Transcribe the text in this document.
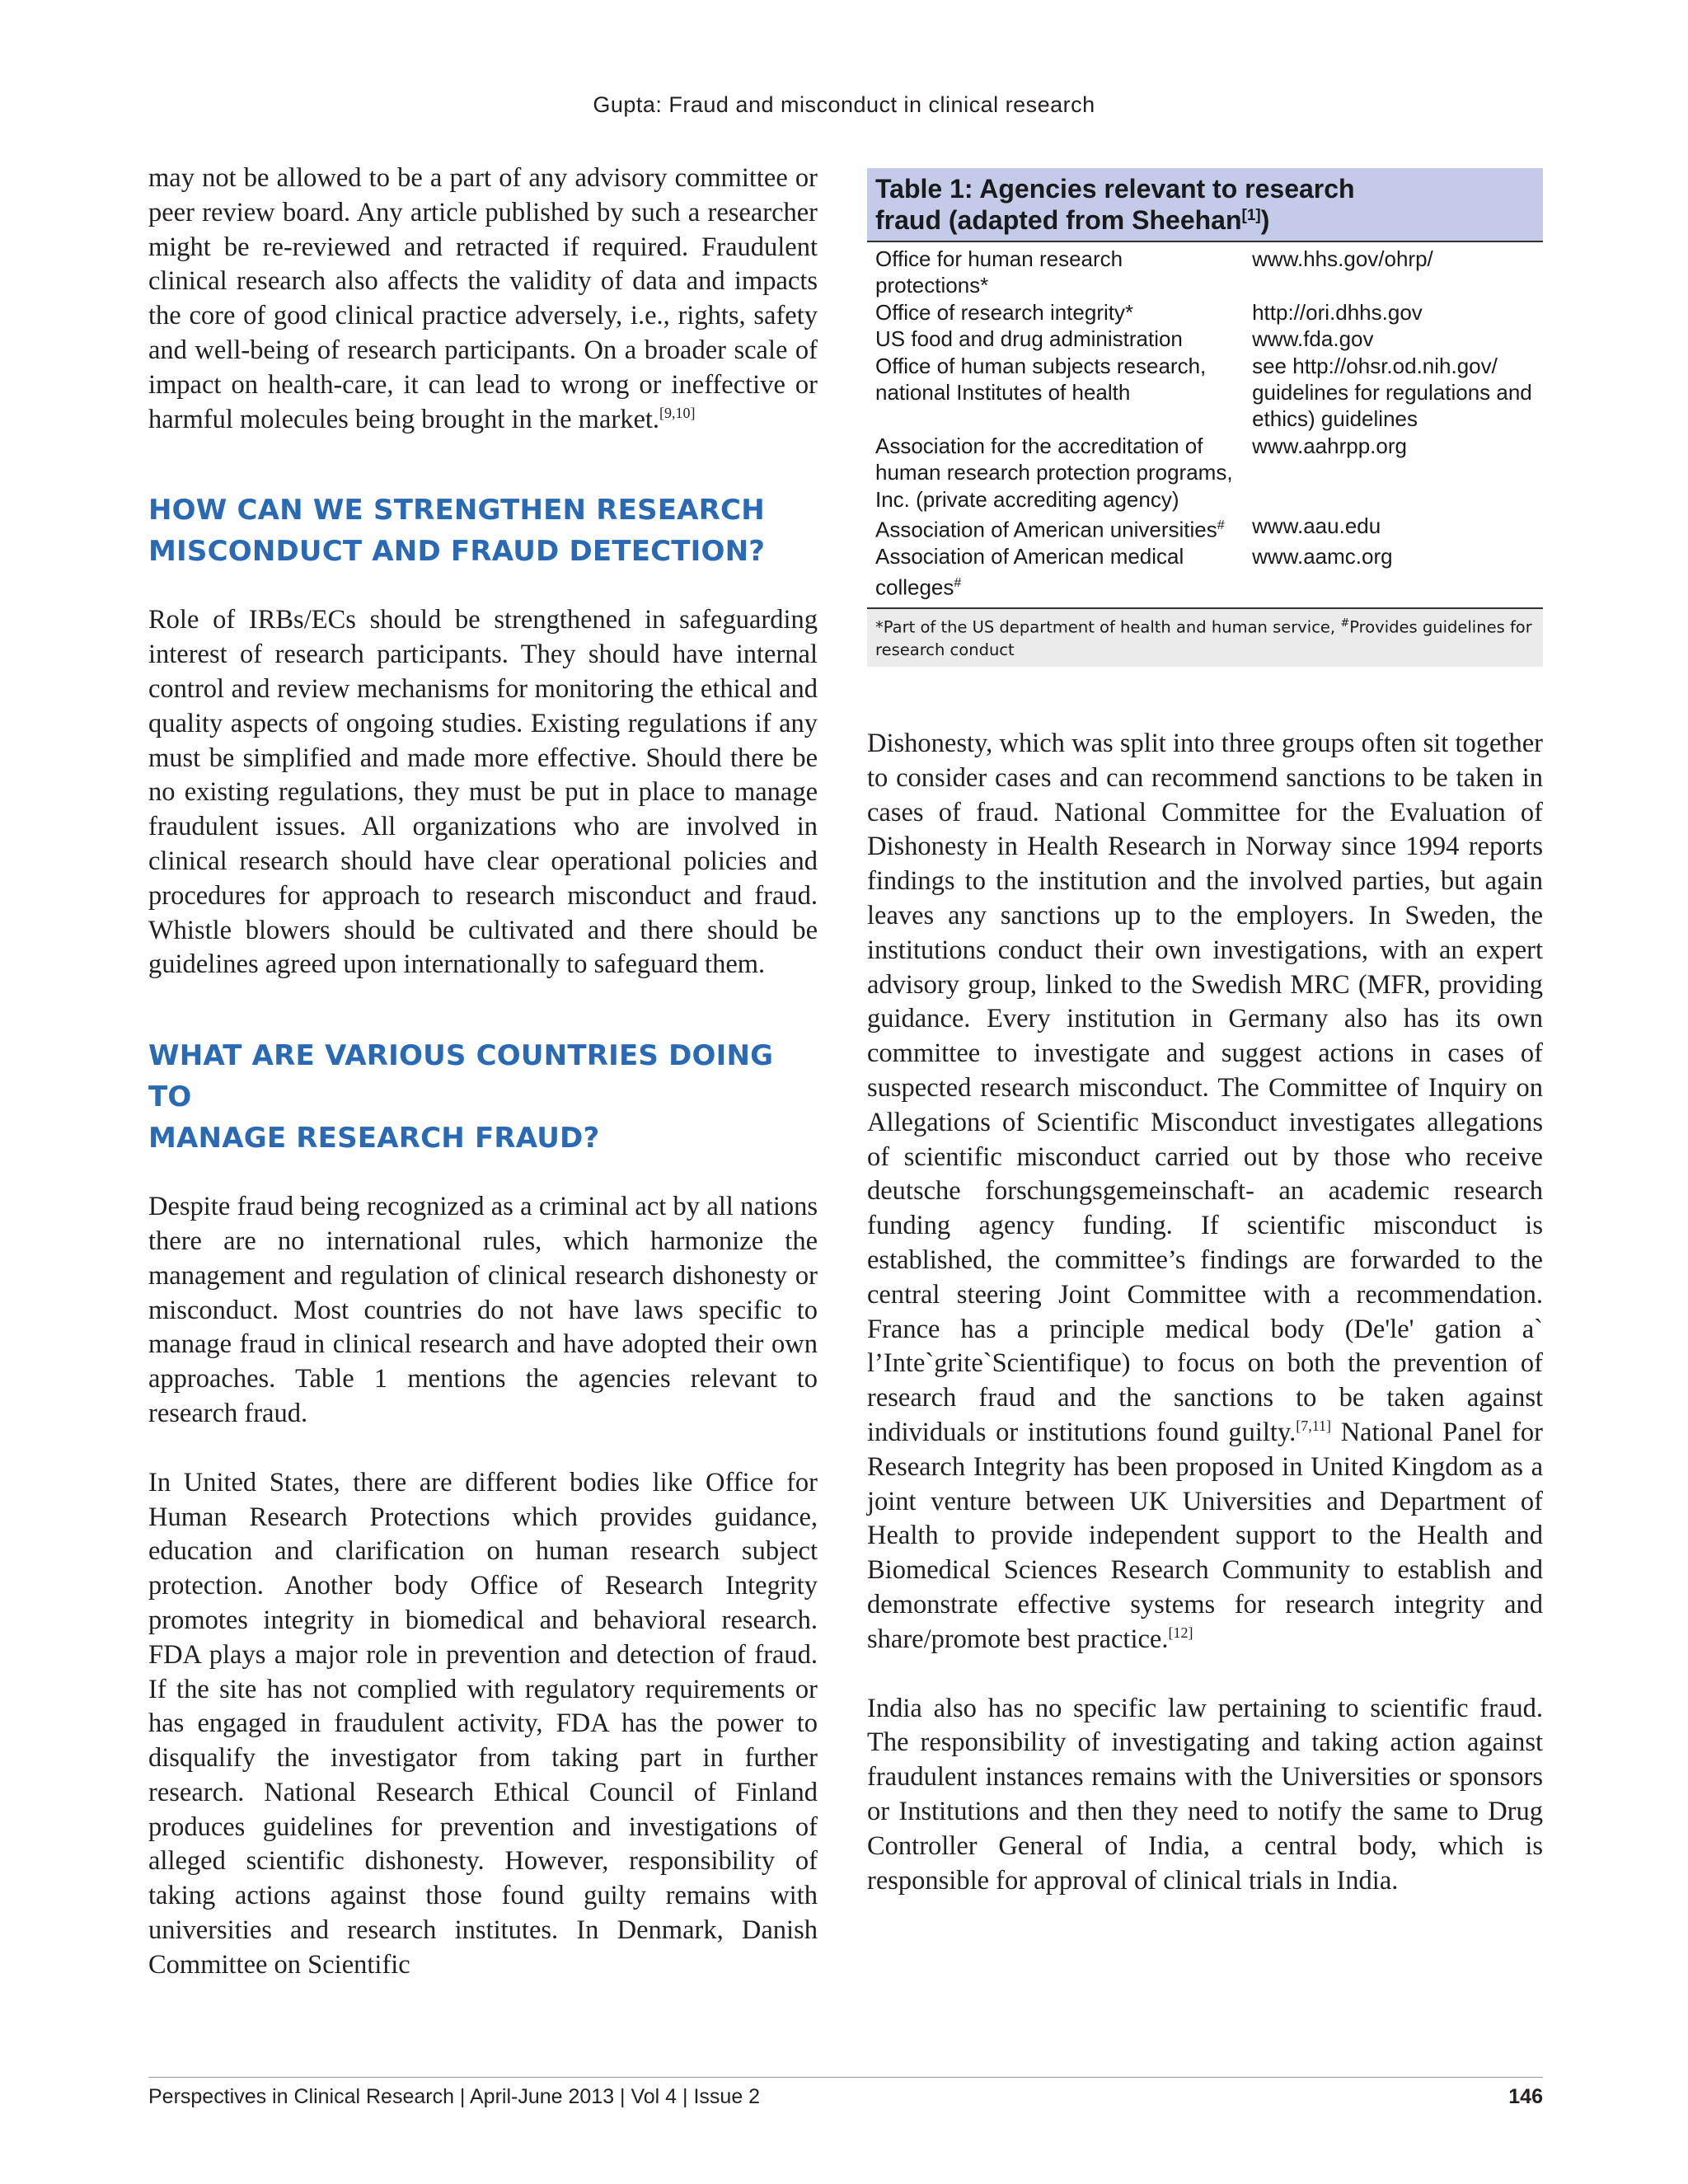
Gupta: Fraud and misconduct in clinical research

may not be allowed to be a part of any advisory committee or peer review board. Any article published by such a researcher might be re-reviewed and retracted if required. Fraudulent clinical research also affects the validity of data and impacts the core of good clinical practice adversely, i.e., rights, safety and well-being of research participants. On a broader scale of impact on health-care, it can lead to wrong or ineffective or harmful molecules being brought in the market.[9,10]

HOW CAN WE STRENGTHEN RESEARCH
MISCONDUCT AND FRAUD DETECTION?

Role of IRBs/ECs should be strengthened in safeguarding interest of research participants. They should have internal control and review mechanisms for monitoring the ethical and quality aspects of ongoing studies. Existing regulations if any must be simplified and made more effective. Should there be no existing regulations, they must be put in place to manage fraudulent issues. All organizations who are involved in clinical research should have clear operational policies and procedures for approach to research misconduct and fraud. Whistle blowers should be cultivated and there should be guidelines agreed upon internationally to safeguard them.

WHAT ARE VARIOUS COUNTRIES DOING TO
MANAGE RESEARCH FRAUD?

Despite fraud being recognized as a criminal act by all nations there are no international rules, which harmonize the management and regulation of clinical research dishonesty or misconduct. Most countries do not have laws specific to manage fraud in clinical research and have adopted their own approaches. Table 1 mentions the agencies relevant to research fraud.

In United States, there are different bodies like Office for Human Research Protections which provides guidance, education and clarification on human research subject protection. Another body Office of Research Integrity promotes integrity in biomedical and behavioral research. FDA plays a major role in prevention and detection of fraud. If the site has not complied with regulatory requirements or has engaged in fraudulent activity, FDA has the power to disqualify the investigator from taking part in further research. National Research Ethical Council of Finland produces guidelines for prevention and investigations of alleged scientific dishonesty. However, responsibility of taking actions against those found guilty remains with universities and research institutes. In Denmark, Danish Committee on Scientific

Table 1: Agencies relevant to research
fraud (adapted from Sheehan[1])
Office for human research protections*	www.hhs.gov/ohrp/
Office of research integrity*	http://ori.dhhs.gov
US food and drug administration	www.fda.gov
Office of human subjects research, national Institutes of health	see http://ohsr.od.nih.gov/ guidelines for regulations and ethics) guidelines
Association for the accreditation of human research protection programs, Inc. (private accrediting agency)	www.aahrpp.org
Association of American universities#	www.aau.edu
Association of American medical colleges#	www.aamc.org
*Part of the US department of health and human service, #Provides guidelines for research conduct

Dishonesty, which was split into three groups often sit together to consider cases and can recommend sanctions to be taken in cases of fraud. National Committee for the Evaluation of Dishonesty in Health Research in Norway since 1994 reports findings to the institution and the involved parties, but again leaves any sanctions up to the employers. In Sweden, the institutions conduct their own investigations, with an expert advisory group, linked to the Swedish MRC (MFR, providing guidance. Every institution in Germany also has its own committee to investigate and suggest actions in cases of suspected research misconduct. The Committee of Inquiry on Allegations of Scientific Misconduct investigates allegations of scientific misconduct carried out by those who receive deutsche forschungsgemeinschaft- an academic research funding agency funding. If scientific misconduct is established, the committee’s findings are forwarded to the central steering Joint Committee with a recommendation. France has a principle medical body (De'le' gation a` l’Inte`grite`Scientifique) to focus on both the prevention of research fraud and the sanctions to be taken against individuals or institutions found guilty.[7,11] National Panel for Research Integrity has been proposed in United Kingdom as a joint venture between UK Universities and Department of Health to provide independent support to the Health and Biomedical Sciences Research Community to establish and demonstrate effective systems for research integrity and share/promote best practice.[12]

India also has no specific law pertaining to scientific fraud. The responsibility of investigating and taking action against fraudulent instances remains with the Universities or sponsors or Institutions and then they need to notify the same to Drug Controller General of India, a central body, which is responsible for approval of clinical trials in India.

Perspectives in Clinical Research | April-June 2013 | Vol 4 | Issue 2	146
